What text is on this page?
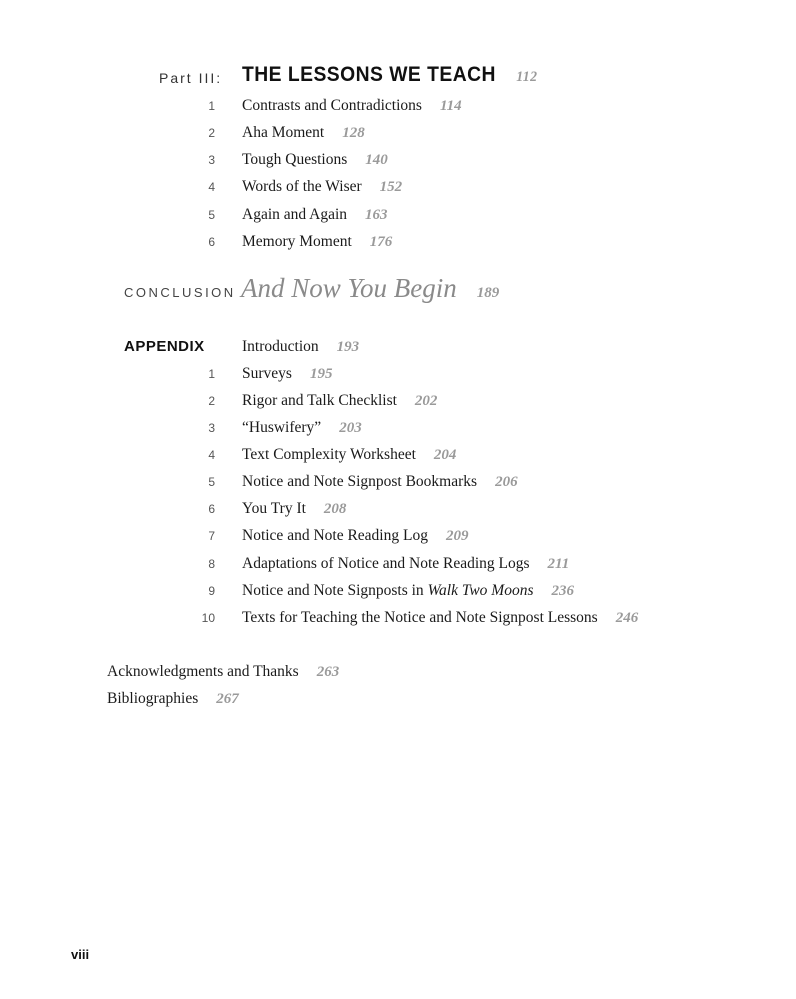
Part III: THE LESSONS WE TEACH 112
1 Contrasts and Contradictions 114
2 Aha Moment 128
3 Tough Questions 140
4 Words of the Wiser 152
5 Again and Again 163
6 Memory Moment 176
CONCLUSION And Now You Begin 189
APPENDIX Introduction 193
1 Surveys 195
2 Rigor and Talk Checklist 202
3 “Huswifery” 203
4 Text Complexity Worksheet 204
5 Notice and Note Signpost Bookmarks 206
6 You Try It 208
7 Notice and Note Reading Log 209
8 Adaptations of Notice and Note Reading Logs 211
9 Notice and Note Signposts in Walk Two Moons 236
10 Texts for Teaching the Notice and Note Signpost Lessons 246
Acknowledgments and Thanks 263
Bibliographies 267
viii
